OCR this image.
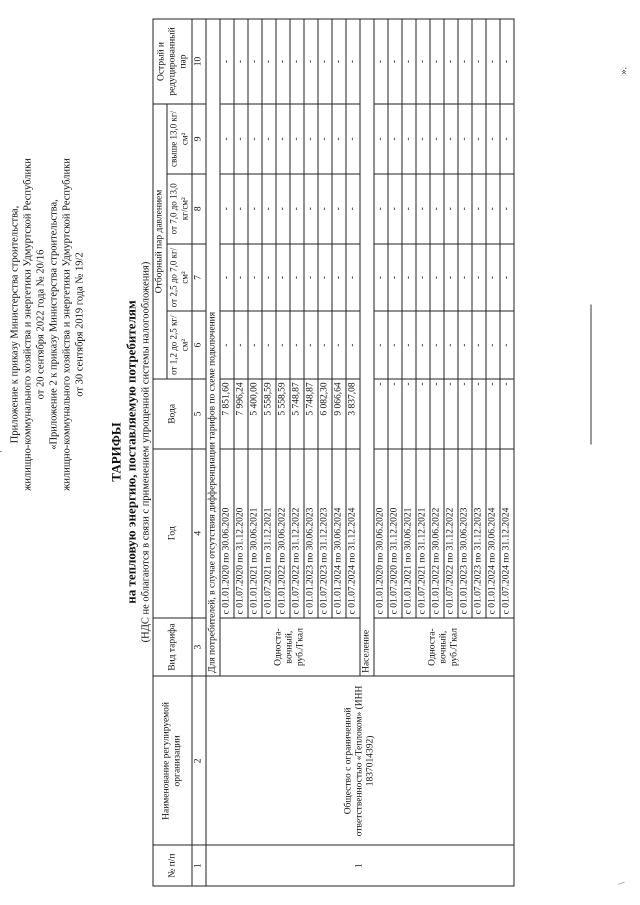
Приложение к приказу Министерства строительства, жилищно-коммунального хозяйства и энергетики Удмуртской Республики от 20 сентября 2022 года № 20/16 «Приложение 2 к приказу Министерства строительства, жилищно-коммунального хозяйства и энергетики Удмуртской Республики от 30 сентября 2019 года № 19/2
ТАРИФЫ на тепловую энергию, поставляемую потребителям (НДС не облагаются в связи с применением упрощенной системы налогообложения)
№ п/п	Наименование регулируемой организации	Вид тарифа	Год	Вода	Отборный пар давлением				Острый и редуцированный пар
					от 1,2 до 2,5 кг/см²	от 2,5 до 7,0 кг/см²	от 7,0 до 13,0 кг/см²	свыше 13,0 кг/см²	
1	2	3	4	5	6	7	8	9	10
1	Общество с ограниченной ответственностью «Теплоком» (ИНН 1837014392)	Для потребителей, в случае отсутствия дифференциации тарифов по схеме подключения							
		Односта-вочный, руб./Гкал	с 01.01.2020 по 30.06.2020	7 851,60	-	-	-	-	-
			с 01.07.2020 по 31.12.2020	7 996,24	-	-	-	-	-
			с 01.01.2021 по 30.06.2021	5 400,00	-	-	-	-	-
			с 01.07.2021 по 31.12.2021	5 558,59	-	-	-	-	-
			с 01.01.2022 по 30.06.2022	5 558,59	-	-	-	-	-
			с 01.07.2022 по 31.12.2022	5 748,87	-	-	-	-	-
			с 01.01.2023 по 30.06.2023	5 748,87	-	-	-	-	-
			с 01.07.2023 по 31.12.2023	6 082,30	-	-	-	-	-
			с 01.01.2024 по 30.06.2024	9 066,64	-	-	-	-	-
			с 01.07.2024 по 31.12.2024	3 837,08	-	-	-	-	-
		Население							
		Односта-вочный, руб./Гкал	с 01.01.2020 по 30.06.2020	-	-	-	-	-	-
			с 01.07.2020 по 31.12.2020	-	-	-	-	-	-
			с 01.01.2021 по 30.06.2021	-	-	-	-	-	-
			с 01.07.2021 по 31.12.2021	-	-	-	-	-	-
			с 01.01.2022 по 30.06.2022	-	-	-	-	-	-
			с 01.07.2022 по 31.12.2022	-	-	-	-	-	-
			с 01.01.2023 по 30.06.2023	-	-	-	-	-	-
			с 01.07.2023 по 31.12.2023	-	-	-	-	-	-
			с 01.01.2024 по 30.06.2024	-	-	-	-	-	-
			с 01.07.2024 по 31.12.2024	-	-	-	-	-	-
».
\
